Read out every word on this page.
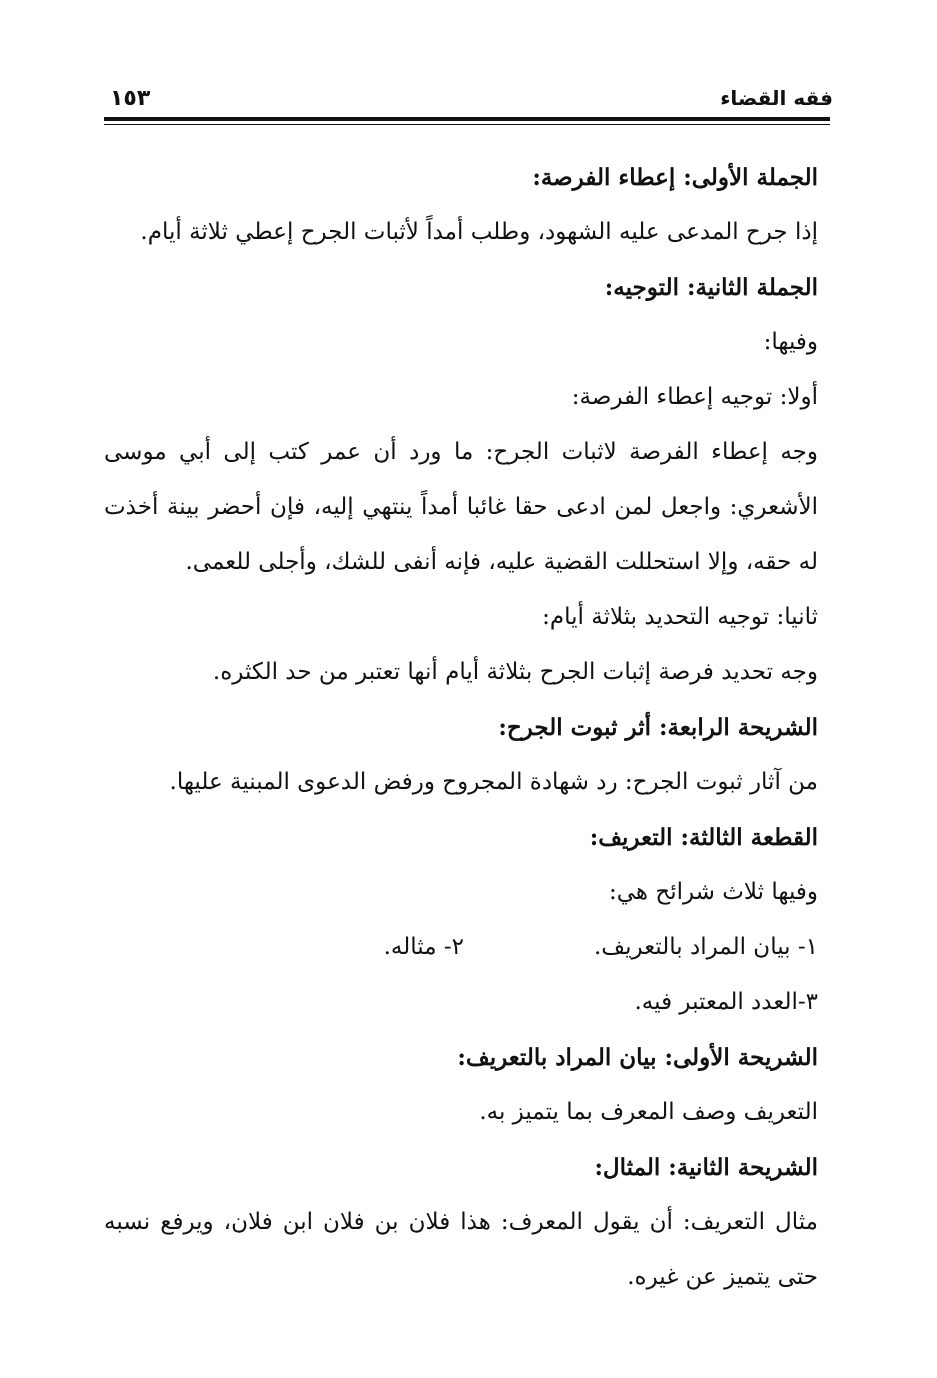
فقه القضاء
١٥٣
الجملة الأولى: إعطاء الفرصة:
إذا جرح المدعى عليه الشهود، وطلب أمداً لأثبات الجرح إعطي ثلاثة أيام.
الجملة الثانية: التوجيه:
وفيها:
أولا: توجيه إعطاء الفرصة:
وجه إعطاء الفرصة لاثبات الجرح: ما ورد أن عمر كتب إلى أبي موسى
الأشعري: واجعل لمن ادعى حقا غائبا أمداً ينتهي إليه، فإن أحضر بينة أخذت
له حقه، وإلا استحللت القضية عليه، فإنه أنفى للشك، وأجلى للعمى.
ثانيا: توجيه التحديد بثلاثة أيام:
وجه تحديد فرصة إثبات الجرح بثلاثة أيام أنها تعتبر من حد الكثره.
الشريحة الرابعة: أثر ثبوت الجرح:
من آثار ثبوت الجرح: رد شهادة المجروح ورفض الدعوى المبنية عليها.
القطعة الثالثة: التعريف:
وفيها ثلاث شرائح هي:
١- بيان المراد بالتعريف.
٢- مثاله.
٣-العدد المعتبر فيه.
الشريحة الأولى: بيان المراد بالتعريف:
التعريف وصف المعرف بما يتميز به.
الشريحة الثانية: المثال:
مثال التعريف: أن يقول المعرف: هذا فلان بن فلان ابن فلان، ويرفع نسبه
حتى يتميز عن غيره.
